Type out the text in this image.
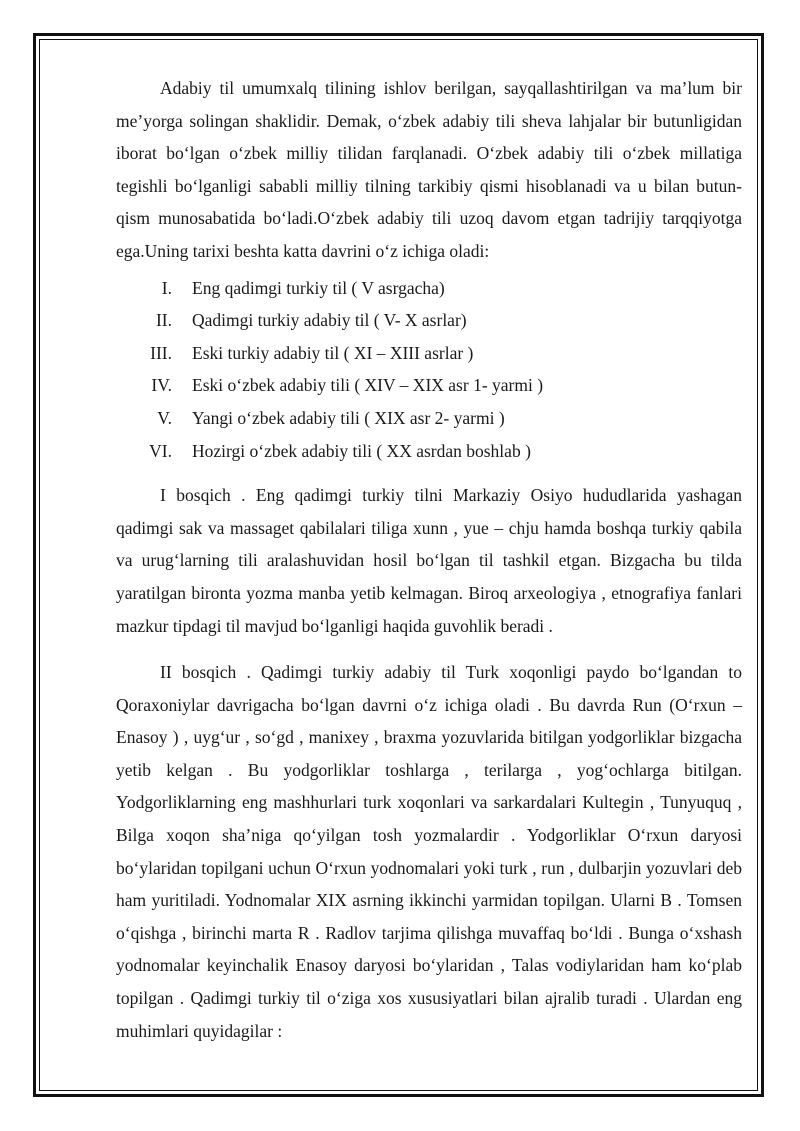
Adabiy til umumxalq tilining ishlov berilgan, sayqallashtirilgan va ma’lum bir me’yorga solingan shaklidir. Demak, o‘zbek adabiy tili sheva lahjalar bir butunligidan iborat bo‘lgan o‘zbek milliy tilidan farqlanadi. O‘zbek adabiy tili o‘zbek millatiga tegishli bo‘lganligi sababli milliy tilning tarkibiy qismi hisoblanadi va u bilan butun- qism munosabatida bo‘ladi.O‘zbek adabiy tili uzoq davom etgan tadrijiy tarqqiyotga ega.Uning tarixi beshta katta davrini o‘z ichiga oladi:

I.	Eng qadimgi turkiy til ( V asrgacha)
II.	Qadimgi turkiy adabiy til ( V- X asrlar)
III.	Eski turkiy adabiy til ( XI – XIII asrlar )
IV.	Eski o‘zbek adabiy tili ( XIV – XIX asr 1- yarmi )
V.	Yangi o‘zbek adabiy tili ( XIX asr 2- yarmi )
VI.	Hozirgi o‘zbek adabiy tili ( XX asrdan boshlab )

I bosqich . Eng qadimgi turkiy tilni Markaziy Osiyo hududlarida yashagan qadimgi sak va massaget qabilalari tiliga xunn , yue – chju hamda boshqa turkiy qabila va urug‘larning tili aralashuvidan hosil bo‘lgan til tashkil etgan. Bizgacha bu tilda yaratilgan bironta yozma manba yetib kelmagan. Biroq arxeologiya , etnografiya fanlari mazkur tipdagi til mavjud bo‘lganligi haqida guvohlik beradi .

II bosqich . Qadimgi turkiy adabiy til Turk xoqonligi paydo bo‘lgandan to Qoraxoniylar davrigacha bo‘lgan davrni o‘z ichiga oladi . Bu davrda Run (O‘rxun – Enasoy ) , uyg‘ur , so‘gd , manixey , braxma yozuvlarida bitilgan yodgorliklar bizgacha yetib kelgan . Bu yodgorliklar toshlarga , terilarga , yog‘ochlarga bitilgan. Yodgorliklarning eng mashhurlari turk xoqonlari va sarkardalari Kultegin , Tunyuquq , Bilga xoqon sha’niga qo‘yilgan tosh yozmalardir . Yodgorliklar O‘rxun daryosi bo‘ylaridan topilgani uchun O‘rxun yodnomalari yoki turk , run , dulbarjin yozuvlari deb ham yuritiladi. Yodnomalar XIX asrning ikkinchi yarmidan topilgan. Ularni B . Tomsen o‘qishga , birinchi marta R . Radlov tarjima qilishga muvaffaq bo‘ldi . Bunga o‘xshash yodnomalar keyinchalik Enasoy daryosi bo‘ylaridan , Talas vodiylaridan ham ko‘plab topilgan . Qadimgi turkiy til o‘ziga xos xususiyatlari bilan ajralib turadi . Ulardan eng muhimlari quyidagilar :
